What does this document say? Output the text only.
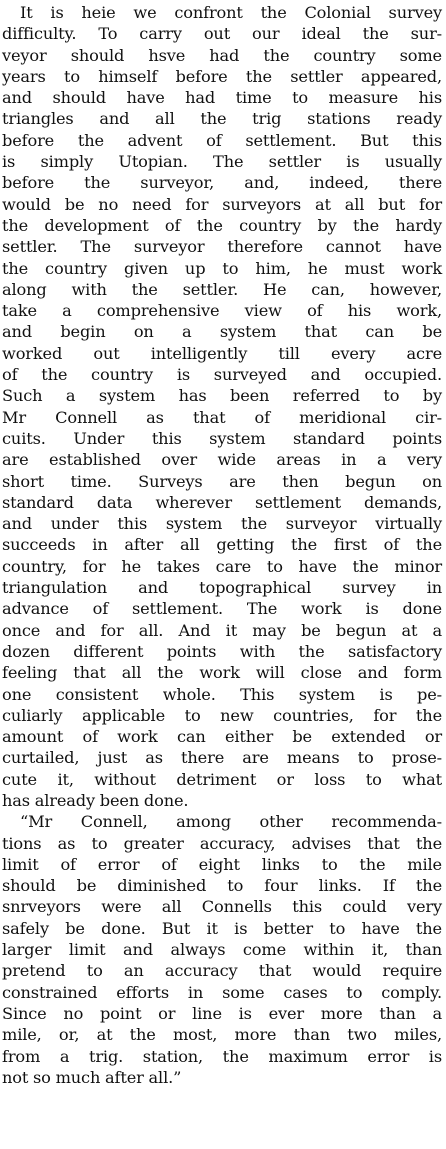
It is heie we confront the Colonial survey
difficulty. To carry out our ideal the sur-
veyor should hsve had the country some
years to himself before the settler appeared,
and should have had time to measure his
triangles and all the trig stations ready
before the advent of settlement. But this
is simply Utopian. The settler is usually
before the surveyor, and, indeed, there
would be no need for surveyors at all but for
the development of the country by the hardy
settler. The surveyor therefore cannot have
the country given up to him, he must work
along with the settler. He can, however,
take a comprehensive view of his work,
and begin on a system that can be
worked out intelligently till every acre
of the country is surveyed and occupied.
Such a system has been referred to by
Mr Connell as that of meridional cir-
cuits. Under this system standard points
are established over wide areas in a very
short time. Surveys are then begun on
standard data wherever settlement demands,
and under this system the surveyor virtually
succeeds in after all getting the first of the
country, for he takes care to have the minor
triangulation and topographical survey in
advance of settlement. The work is done
once and for all. And it may be begun at a
dozen different points with the satisfactory
feeling that all the work will close and form
one consistent whole. This system is pe-
culiarly applicable to new countries, for the
amount of work can either be extended or
curtailed, just as there are means to prose-
cute it, without detriment or loss to what
has already been done.

“Mr Connell, among other recommenda-
tions as to greater accuracy, advises that the
limit of error of eight links to the mile
should be diminished to four links. If the
snrveyors were all Connells this could very
safely be done. But it is better to have the
larger limit and always come within it, than
pretend to an accuracy that would require
constrained efforts in some cases to comply.
Since no point or line is ever more than a
mile, or, at the most, more than two miles,
from a trig. station, the maximum error is
not so much after all.”
